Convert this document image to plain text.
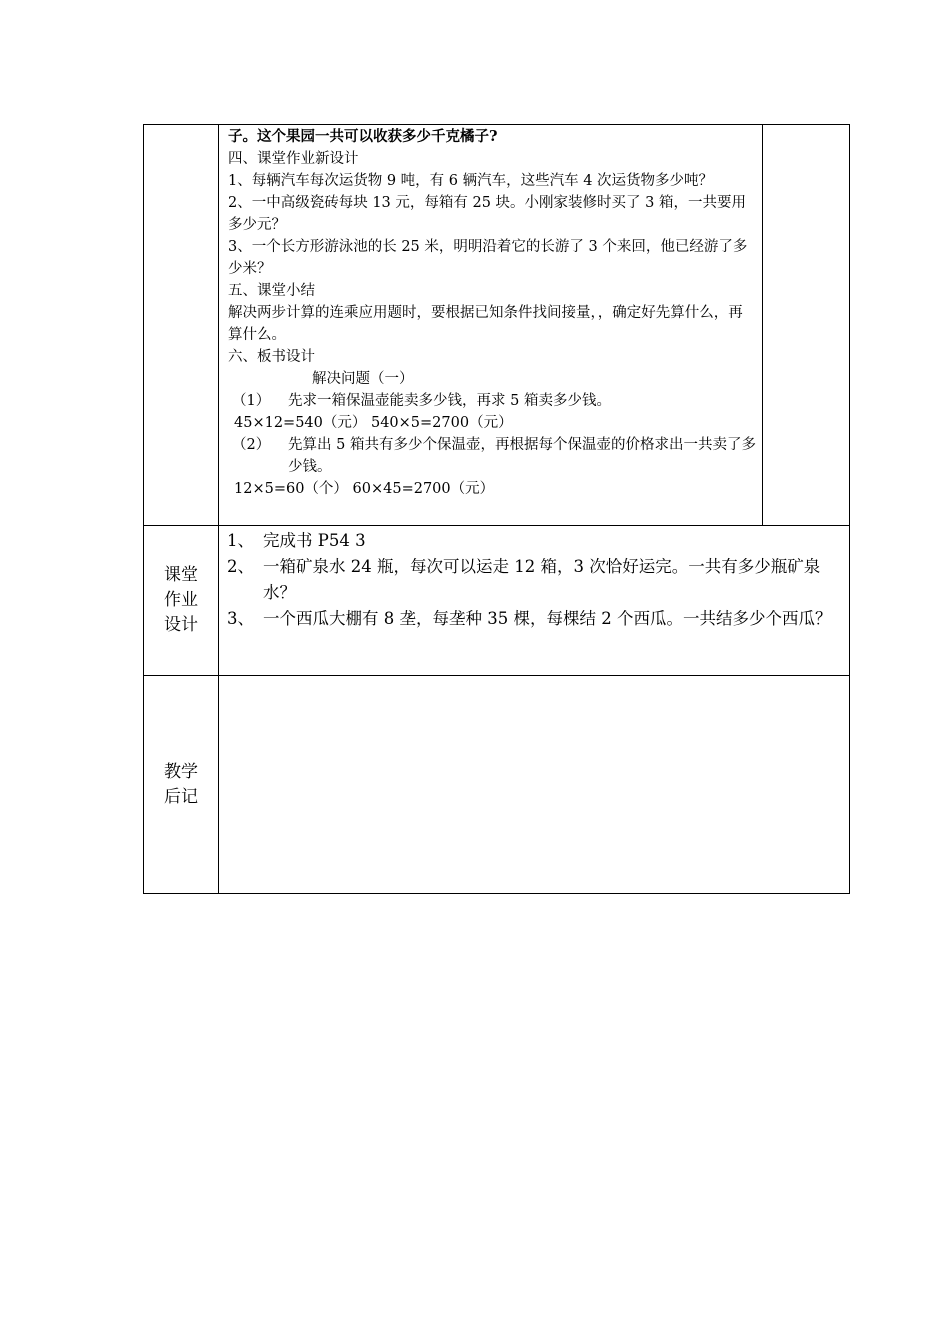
子。这个果园一共可以收获多少千克橘子?
四、课堂作业新设计
1、每辆汽车每次运货物 9 吨，有 6 辆汽车，这些汽车 4 次运货物多少吨？
2、一中高级瓷砖每块 13 元，每箱有 25 块。小刚家装修时买了 3 箱，一共要用多少元？
3、一个长方形游泳池的长 25 米，明明沿着它的长游了 3 个来回，他已经游了多少米？
五、课堂小结
解决两步计算的连乘应用题时，要根据已知条件找间接量，，确定好先算什么，再算什么。
六、板书设计
解决问题（一）
（1）	先求一箱保温壶能卖多少钱，再求 5 箱卖多少钱。
45×12=540（元） 540×5=2700（元）
（2）	先算出 5 箱共有多少个保温壶，再根据每个保温壶的价格求出一共卖了多少钱。
12×5=60（个） 60×45=2700（元）

课堂
作业
设计

1、 完成书 P54 3
2、 一箱矿泉水 24 瓶，每次可以运走 12 箱，3 次恰好运完。一共有多少瓶矿泉水？
3、 一个西瓜大棚有 8 垄，每垄种 35 棵，每棵结 2 个西瓜。一共结多少个西瓜？

教学
后记
